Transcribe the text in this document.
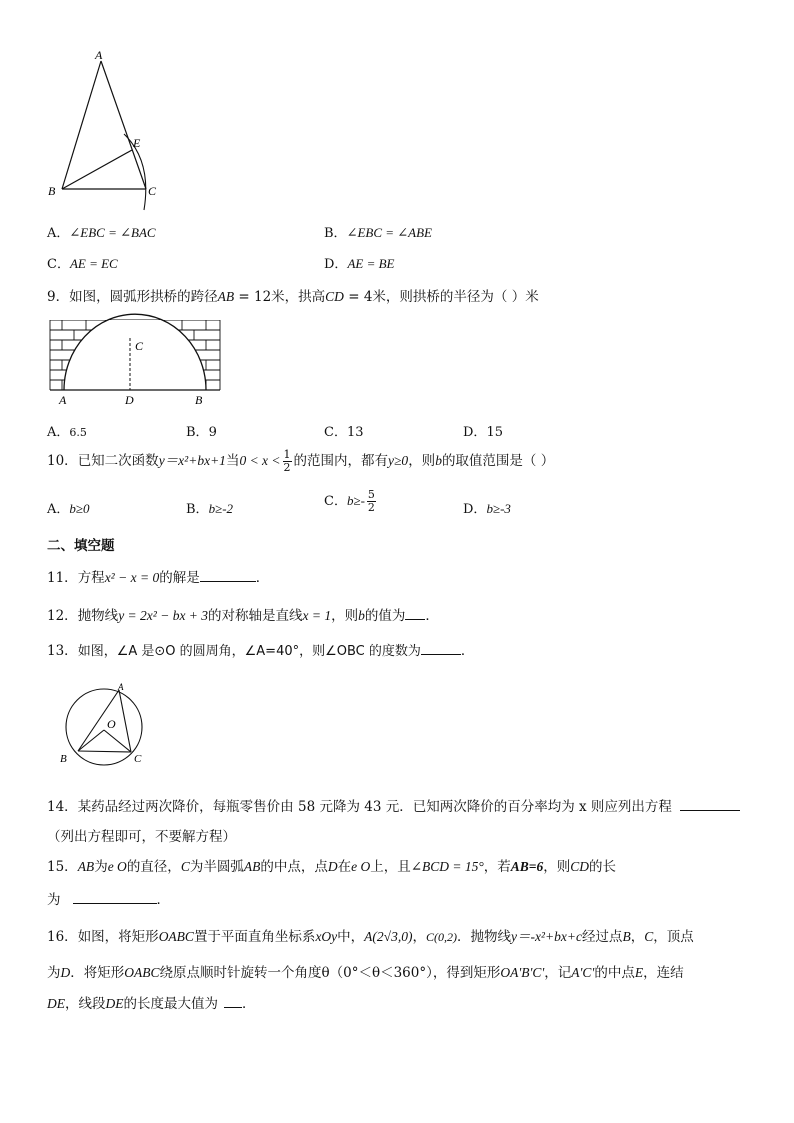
A
B	C
E
A．∠EBC = ∠BAC	B．∠EBC = ∠ABE
C．AE = EC	D．AE = BE
9．如图，圆弧形拱桥的跨径AB = 12米，拱高CD = 4米，则拱桥的半径为（ ）米
C
A	D	B
A．6.5	B．9	C．13	D．15
10．已知二次函数y＝x²+bx+1当$0 < x < \frac{1}{2}$ 的范围内，都有y≥0，则b的取值范围是（ ）
A．b≥0	B．b≥-2	C．$b\ge- \frac{5}{2}$	D．b≥-3
二、填空题
11．方程x² − x = 0的解是	．
12．抛物线y = 2x² − bx + 3的对称轴是直线x = 1，则b的值为 ．
13．如图，∠A 是⊙O 的圆周角，∠A=40°，则∠OBC 的度数为	．
A
O
B	C
14．某药品经过两次降价，每瓶零售价由 58 元降为 43 元．已知两次降价的百分率均为 x 则应列出方程
（列出方程即可，不要解方程）
15．AB为e O的直径，C为半圆弧AB的中点，点D在e O上，且∠BCD = 15°，若AB=6，则CD的长
为	．
16．如图，将矩形OABC置于平面直角坐标系xOy中，A(2√3,0)，C(0,2)．抛物线y＝-x²+bx+c经过点B，C，顶点
为D．将矩形OABC绕原点顺时针旋转一个角度θ（0°＜θ＜360°），得到矩形OA'B'C'，记A'C'的中点E，连结
DE，线段DE的长度最大值为 ．
